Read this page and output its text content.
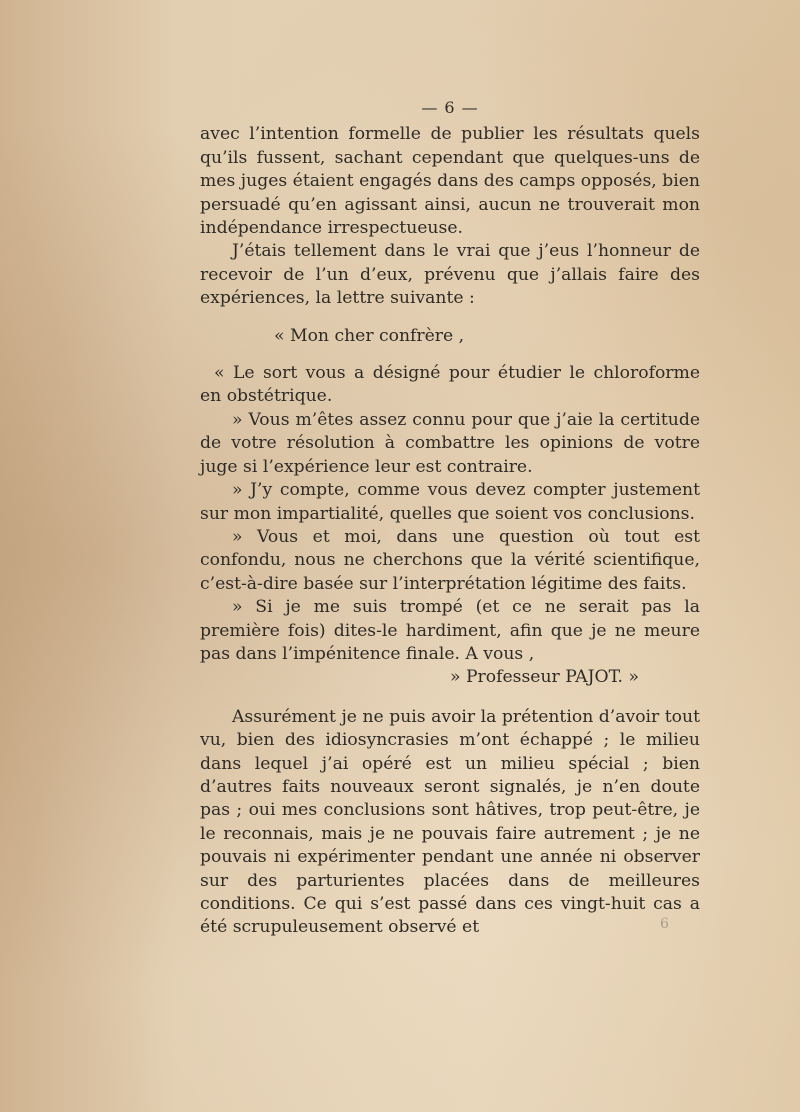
— 6 —

avec l’intention formelle de publier les résultats quels qu’ils fussent, sachant cependant que quelques-uns de mes juges étaient engagés dans des camps opposés, bien persuadé qu’en agissant ainsi, aucun ne trouverait mon indépendance irrespectueuse.

J’étais tellement dans le vrai que j’eus l’honneur de recevoir de l’un d’eux, prévenu que j’allais faire des expériences, la lettre suivante :

« Mon cher confrère ,

« Le sort vous a désigné pour étudier le chloroforme en obstétrique.

» Vous m’êtes assez connu pour que j’aie la certitude de votre résolution à combattre les opinions de votre juge si l’expérience leur est contraire.

» J’y compte, comme vous devez compter justement sur mon impartialité, quelles que soient vos conclusions.

» Vous et moi, dans une question où tout est confondu, nous ne cherchons que la vérité scientifique, c’est-à-dire basée sur l’interprétation légitime des faits.

» Si je me suis trompé (et ce ne serait pas la première fois) dites-le hardiment, afin que je ne meure pas dans l’impénitence finale. A vous ,

» Professeur PAJOT. »

Assurément je ne puis avoir la prétention d’avoir tout vu, bien des idiosyncrasies m’ont échappé ; le milieu dans lequel j’ai opéré est un milieu spécial ; bien d’autres faits nouveaux seront signalés, je n’en doute pas ; oui mes conclusions sont hâtives, trop peut-être, je le reconnais, mais je ne pouvais faire autrement ; je ne pouvais ni expérimenter pendant une année ni observer sur des parturientes placées dans de meilleures conditions. Ce qui s’est passé dans ces vingt-huit cas a été scrupuleusement observé et	6
